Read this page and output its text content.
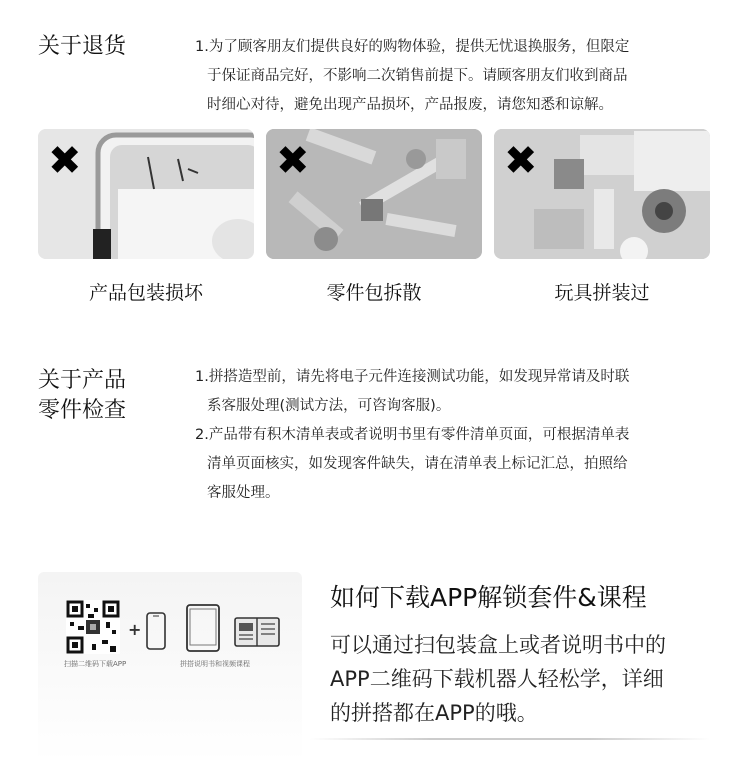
关于退货	1.为了顾客朋友们提供良好的购物体验，提供无忧退换服务，但限定
于保证商品完好，不影响二次销售前提下。请顾客朋友们收到商品
时细心对待，避免出现产品损坏，产品报废，请您知悉和谅解。
✖	✖	✖
产品包装损坏	零件包拆散	玩具拼装过
关于产品
零件检查
1.拼搭造型前，请先将电子元件连接测试功能，如发现异常请及时联
系客服处理(测试方法，可咨询客服)。
2.产品带有积木清单表或者说明书里有零件清单页面，可根据清单表
清单页面核实，如发现客件缺失，请在清单表上标记汇总，拍照给
客服处理。
扫描二维码下载APP
+
拼搭说明书和视频课程
如何下载APP解锁套件&课程
可以通过扫包装盒上或者说明书中的
APP二维码下载机器人轻松学，详细
的拼搭都在APP的哦。
